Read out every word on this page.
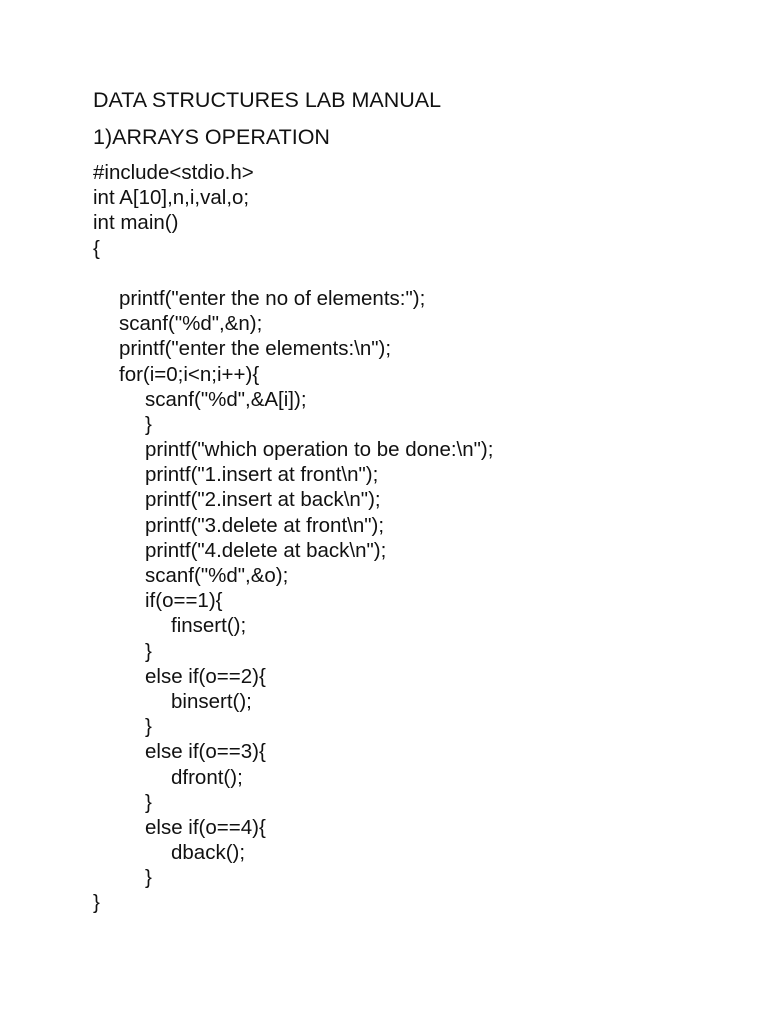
DATA STRUCTURES LAB MANUAL
1)ARRAYS OPERATION
#include<stdio.h>
int A[10],n,i,val,o;
int main()
{
printf("enter the no of elements:");
scanf("%d",&n);
printf("enter the elements:\n");
for(i=0;i<n;i++){
scanf("%d",&A[i]);
}
printf("which operation to be done:\n");
printf("1.insert at front\n");
printf("2.insert at back\n");
printf("3.delete at front\n");
printf("4.delete at back\n");
scanf("%d",&o);
if(o==1){
finsert();
}
else if(o==2){
binsert();
}
else if(o==3){
dfront();
}
else if(o==4){
dback();
}
}
